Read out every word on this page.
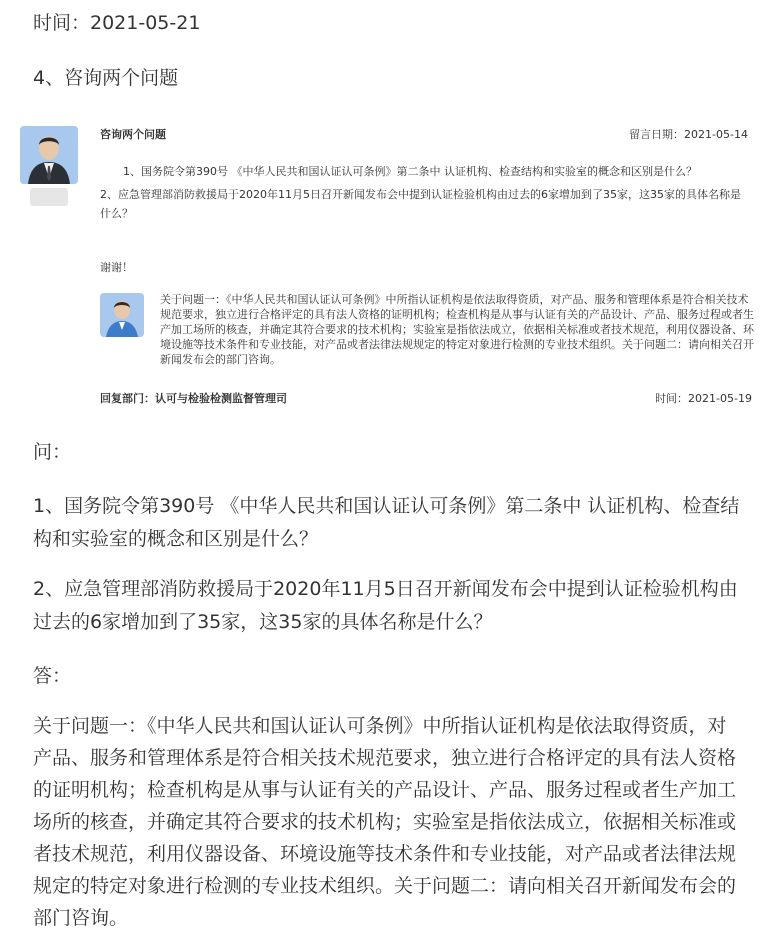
时间：2021-05-21
4、咨询两个问题
咨询两个问题	留言日期：2021-05-14
1、国务院令第390号 《中华人民共和国认证认可条例》第二条中 认证机构、检查结构和实验室的概念和区别是什么？
2、应急管理部消防救援局于2020年11月5日召开新闻发布会中提到认证检验机构由过去的6家增加到了35家，这35家的具体名称是什么？
谢谢！
关于问题一：《中华人民共和国认证认可条例》中所指认证机构是依法取得资质，对产品、服务和管理体系是符合相关技术规范要求，独立进行合格评定的具有法人资格的证明机构；检查机构是从事与认证有关的产品设计、产品、服务过程或者生产加工场所的核查，并确定其符合要求的技术机构；实验室是指依法成立，依据相关标准或者技术规范，利用仪器设备、环境设施等技术条件和专业技能，对产品或者法律法规规定的特定对象进行检测的专业技术组织。关于问题二：请向相关召开新闻发布会的部门咨询。
回复部门：认可与检验检测监督管理司	时间：2021-05-19
问：
1、国务院令第390号 《中华人民共和国认证认可条例》第二条中 认证机构、检查结构和实验室的概念和区别是什么？
2、应急管理部消防救援局于2020年11月5日召开新闻发布会中提到认证检验机构由过去的6家增加到了35家，这35家的具体名称是什么？
答：
关于问题一：《中华人民共和国认证认可条例》中所指认证机构是依法取得资质，对产品、服务和管理体系是符合相关技术规范要求，独立进行合格评定的具有法人资格的证明机构；检查机构是从事与认证有关的产品设计、产品、服务过程或者生产加工场所的核查，并确定其符合要求的技术机构；实验室是指依法成立，依据相关标准或者技术规范，利用仪器设备、环境设施等技术条件和专业技能，对产品或者法律法规规定的特定对象进行检测的专业技术组织。关于问题二：请向相关召开新闻发布会的部门咨询。
